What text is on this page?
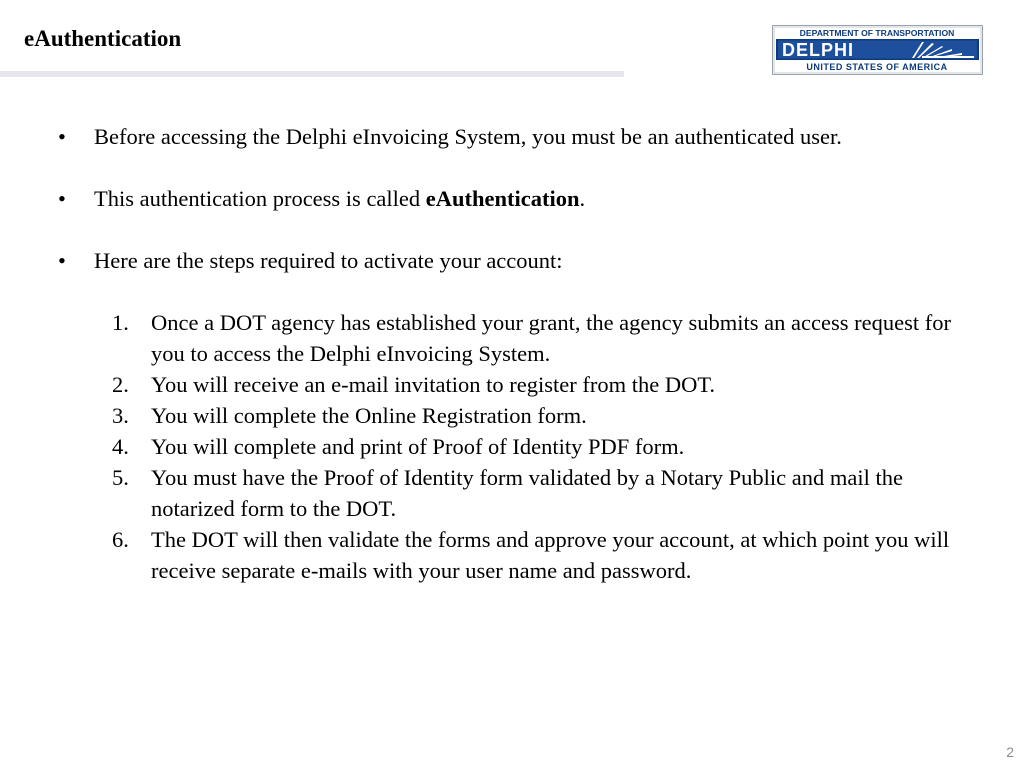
eAuthentication	DEPARTMENT OF TRANSPORTATION
DELPHI
UNITED STATES OF AMERICA
• Before accessing the Delphi eInvoicing System, you must be an authenticated user.
• This authentication process is called eAuthentication.
• Here are the steps required to activate your account:
1. Once a DOT agency has established your grant, the agency submits an access request for you to access the Delphi eInvoicing System.
2. You will receive an e-mail invitation to register from the DOT.
3. You will complete the Online Registration form.
4. You will complete and print of Proof of Identity PDF form.
5. You must have the Proof of Identity form validated by a Notary Public and mail the notarized form to the DOT.
6. The DOT will then validate the forms and approve your account, at which point you will receive separate e-mails with your user name and password.
2
